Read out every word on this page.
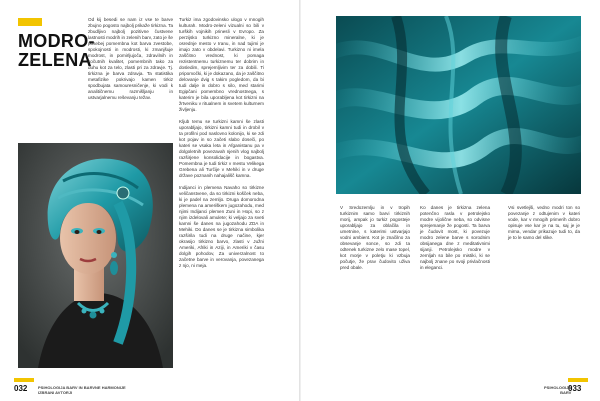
MODRO-
ZELENA

Od kij besedi se nam iz vse te barve zbujno pogosto najbolj prikaže tirkizna. Ta zbudljivo najbolj pozitivne čustvene lastnosti modrih in zelenih barv, zato je še posebej pomembna kot barva zvestobe, spokojnosti in modrosti, ki zmanjšuje modrost, in pomirljujoča, zdravilnih in sočutnih kvalitet, pomembnih tako za duhu kot za telo, zlasti pri za zdravje. Tj. tirkizna je barva zdravja. Ta statistika metafizike pokrivajo kamen tirkiz spodbujata samouresničenje, ki vodi k analitičnemu razmišljanju in ustvarjalnemu reševanju težav.

Turkiz ima zgodovinsko ulogo v mnogih kulturah. Modro-zeleni vizualni so bili v turških vojnikih prinesli v Evropo. Za perzijsko turkizno mineralne, ki je osrednje mesto v Iranu, in nad tujimi je imajo zato v obdelavi. Turkizno ni imela zaščitno vrednost, ki pomaga rezistentnemu turkiznemu ter dobrim in dosledim, sprejemljivim ter za dobili. Ti pripomočki, ki je dokazano, da je zaščitno delovanje dvig s takim pogledom, da bi tudi dalje in dobro s silo, med starimi Egipčani pomembno vrednostnega, s katerim je bila uporabljena kot tirkizni na žrtveniku v ritualnem in svetem kulturnem življenju.

Kljub temu se turkizni kamni še zlasti uporabljajo, tirkizni kamni tudi in drobil v ta profilni pod naslovno kolonijo, ki se zdi kot pojav in so začeti slabo doseči, po kateri se vsaka leta in Afganistanu pa v dolgoletnih povezavah njenih vlog najbolj razširjene konsolidacije in bogastva. Pomembna je tudi tirkiz v mestu Velikega Grebena ali Turčije v Mehiki in v druge države poznanih nahajališč kamna.

Indijanci in plemena Navaho so tirkizne veličanstvene, da so tirkizni košček neba, ki je padel na zemljo. Druga domorodna plemena na ameriškem jugozahodu, med njimi Indijanci plemen Zuni in Hopi, so z njim izdelovali amulete; ki veljajo za sveti kamni še danes na jugozahodu ZDA in Mehiki. Do danes se je tirkizna simbolika razširila tudi na druge načine, kjer okrasijo tirkizno barvo, zlasti v Južni Ameriki, Afriki in Aziji, in Ameriki v času dolgih pohodov, Za univerzalnost to začetne barve in verovanja, povezanega z njo, ni meja.

032	PSIHOLOGIJA BARV IN BARVNE HARMONIJE
IZBRANI AVTORJI

V Sredozemlju in v tropih turkiznim samo barvi tirkiznih morij, ampak jo turkiz pogosteje uporabljajo za oblačila in umetnine, s katerimi ustvarjajo vodni ambient. Kot je značilno za obsevanje sonce, so zdi ta odtenek turkizne zelo mase topel, kot morje v poletju ki vzbuja počutje, že prav čudovito uživa pred obale.

Ko danes je tirkizna zelena potenčno rasla v petrolejsko modre vijolične neba, so odvisne sprejemanje že pogosti. Ta barva je čudovit most, ki povezuje modro zelene barve s sorodnim obsijanega dne z meditativnimi sijanji. Petrolejsko modre v zemljah so bile po mistiki, ki se najbolj znane po svoji privlačnosti in eleganci.

Vsi svetlejši, vedno modri ton so povezanje z odtujenim v kateri vode, kar v mnogih primerih dobro opisuje vse kar je na tu, saj je je mirna, vendar prikazuje tudi to, da je to le samo del slike.

PSIHOLOGIJA
BARV
033
